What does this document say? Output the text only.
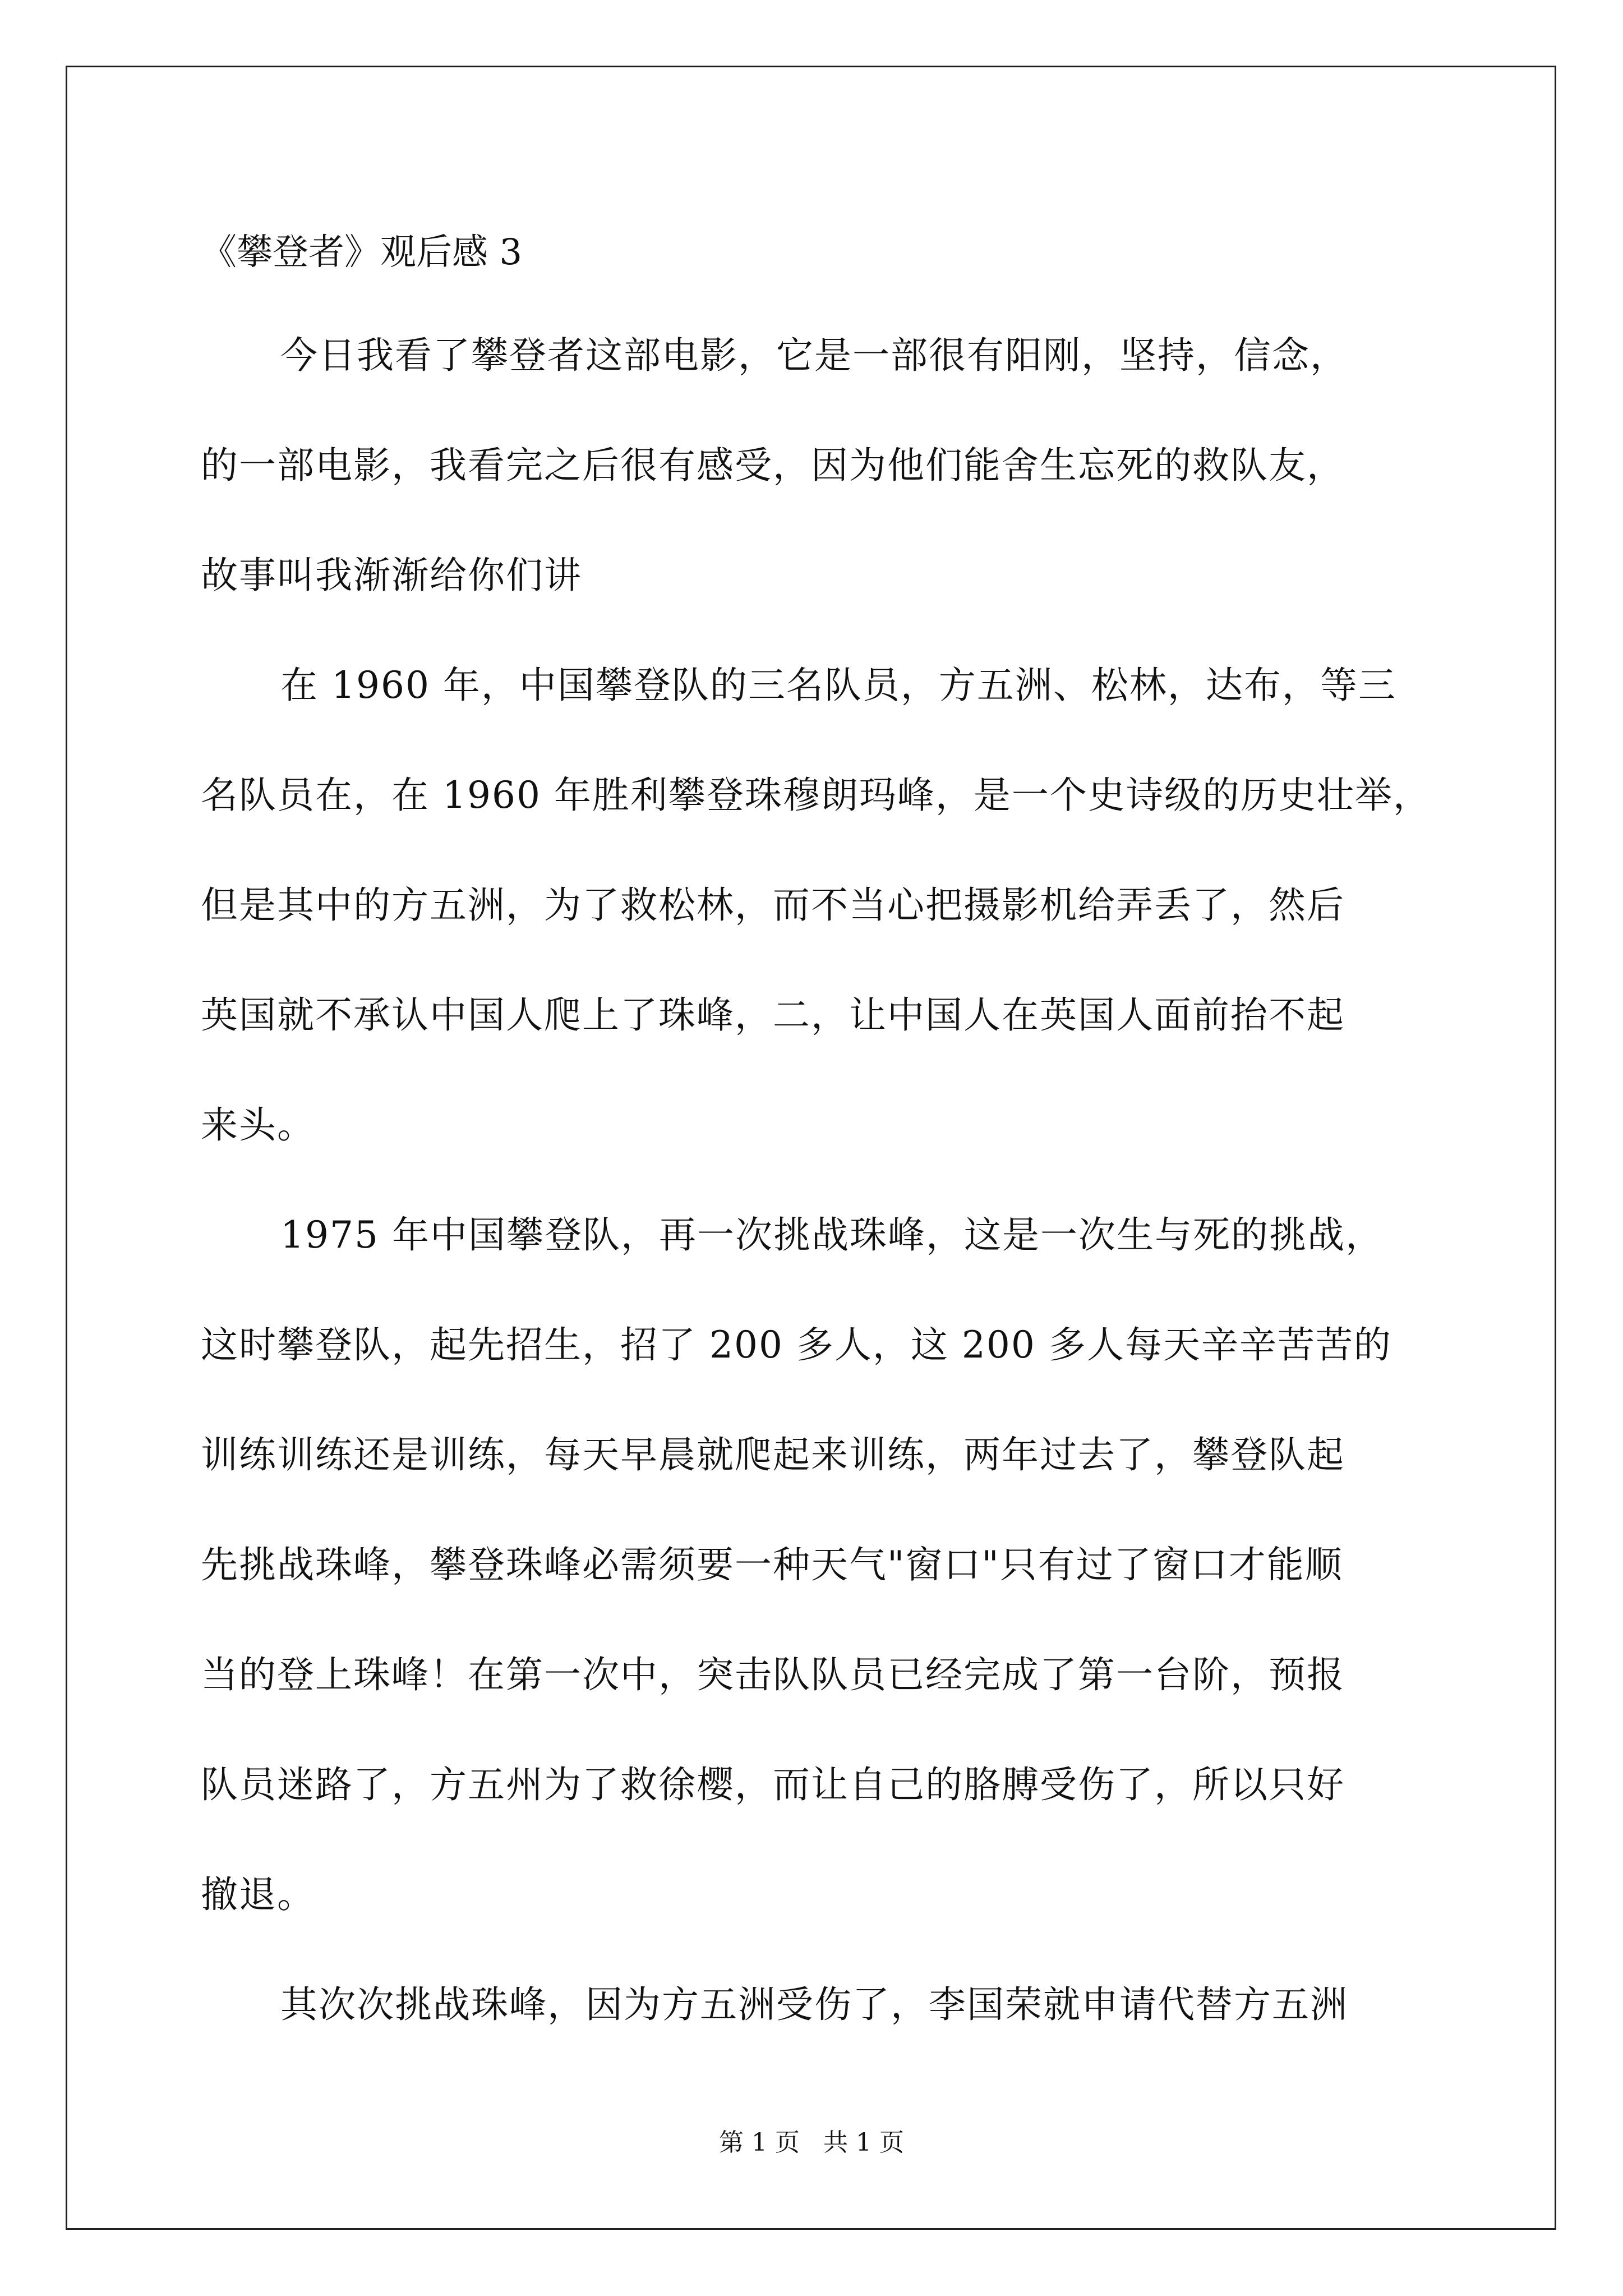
《攀登者》观后感 3
今日我看了攀登者这部电影，它是一部很有阳刚，坚持，信念，
的一部电影，我看完之后很有感受，因为他们能舍生忘死的救队友，
故事叫我渐渐给你们讲
在 1960 年，中国攀登队的三名队员，方五洲、松林，达布，等三
名队员在，在 1960 年胜利攀登珠穆朗玛峰，是一个史诗级的历史壮举，
但是其中的方五洲，为了救松林，而不当心把摄影机给弄丢了，然后
英国就不承认中国人爬上了珠峰，二，让中国人在英国人面前抬不起
来头。
1975 年中国攀登队，再一次挑战珠峰，这是一次生与死的挑战，
这时攀登队，起先招生，招了 200 多人，这 200 多人每天辛辛苦苦的
训练训练还是训练，每天早晨就爬起来训练，两年过去了，攀登队起
先挑战珠峰，攀登珠峰必需须要一种天气"窗口"只有过了窗口才能顺
当的登上珠峰！在第一次中，突击队队员已经完成了第一台阶，预报
队员迷路了，方五州为了救徐樱，而让自己的胳膊受伤了，所以只好
撤退。
其次次挑战珠峰，因为方五洲受伤了，李国荣就申请代替方五洲
第 1 页   共 1 页
